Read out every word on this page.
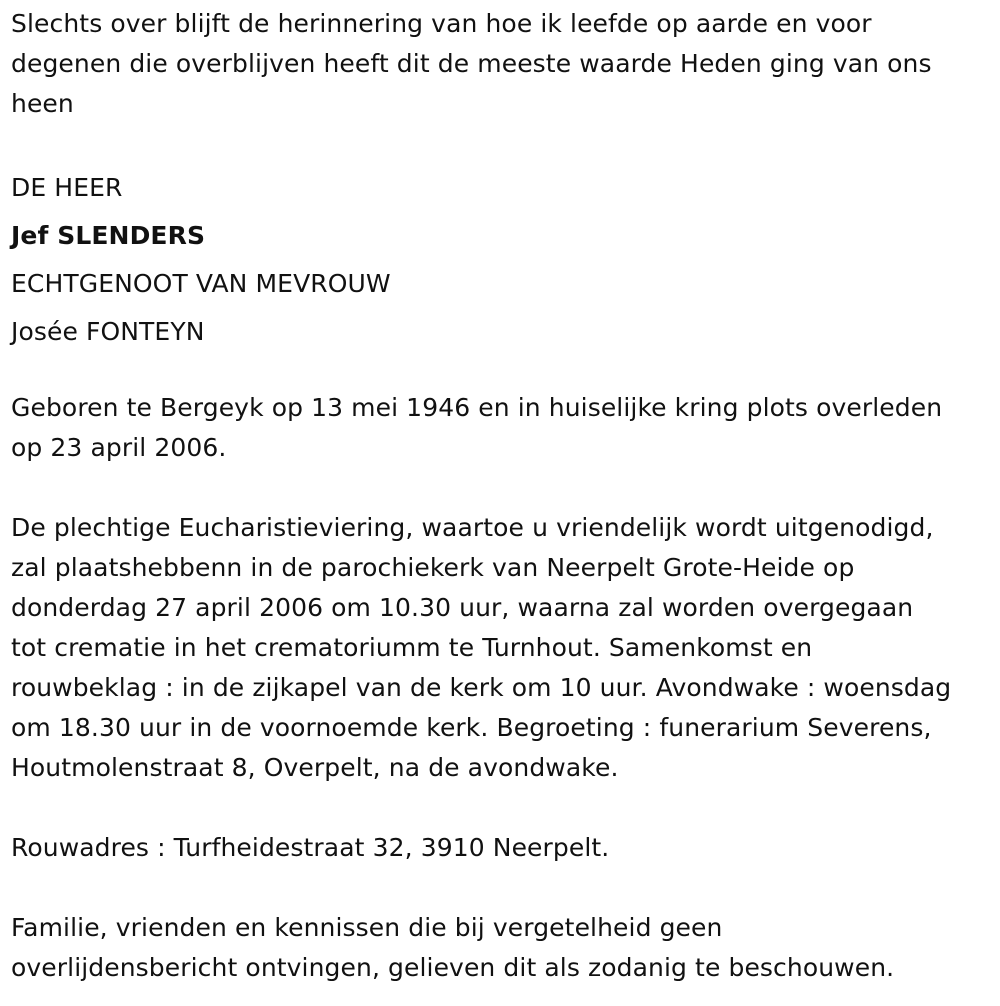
Slechts over blijft de herinnering van hoe ik leefde op aarde en voor
degenen die overblijven heeft dit de meeste waarde Heden ging van ons
heen
DE HEER
Jef SLENDERS
ECHTGENOOT VAN MEVROUW
Josée FONTEYN
Geboren te Bergeyk op 13 mei 1946 en in huiselijke kring plots overleden
op 23 april 2006.
De plechtige Eucharistieviering, waartoe u vriendelijk wordt uitgenodigd,
zal plaatshebbenn in de parochiekerk van Neerpelt Grote-Heide op
donderdag 27 april 2006 om 10.30 uur, waarna zal worden overgegaan
tot crematie in het crematoriumm te Turnhout. Samenkomst en
rouwbeklag : in de zijkapel van de kerk om 10 uur. Avondwake : woensdag
om 18.30 uur in de voornoemde kerk. Begroeting : funerarium Severens,
Houtmolenstraat 8, Overpelt, na de avondwake.
Rouwadres : Turfheidestraat 32, 3910 Neerpelt.
Familie, vrienden en kennissen die bij vergetelheid geen
overlijdensbericht ontvingen, gelieven dit als zodanig te beschouwen.
